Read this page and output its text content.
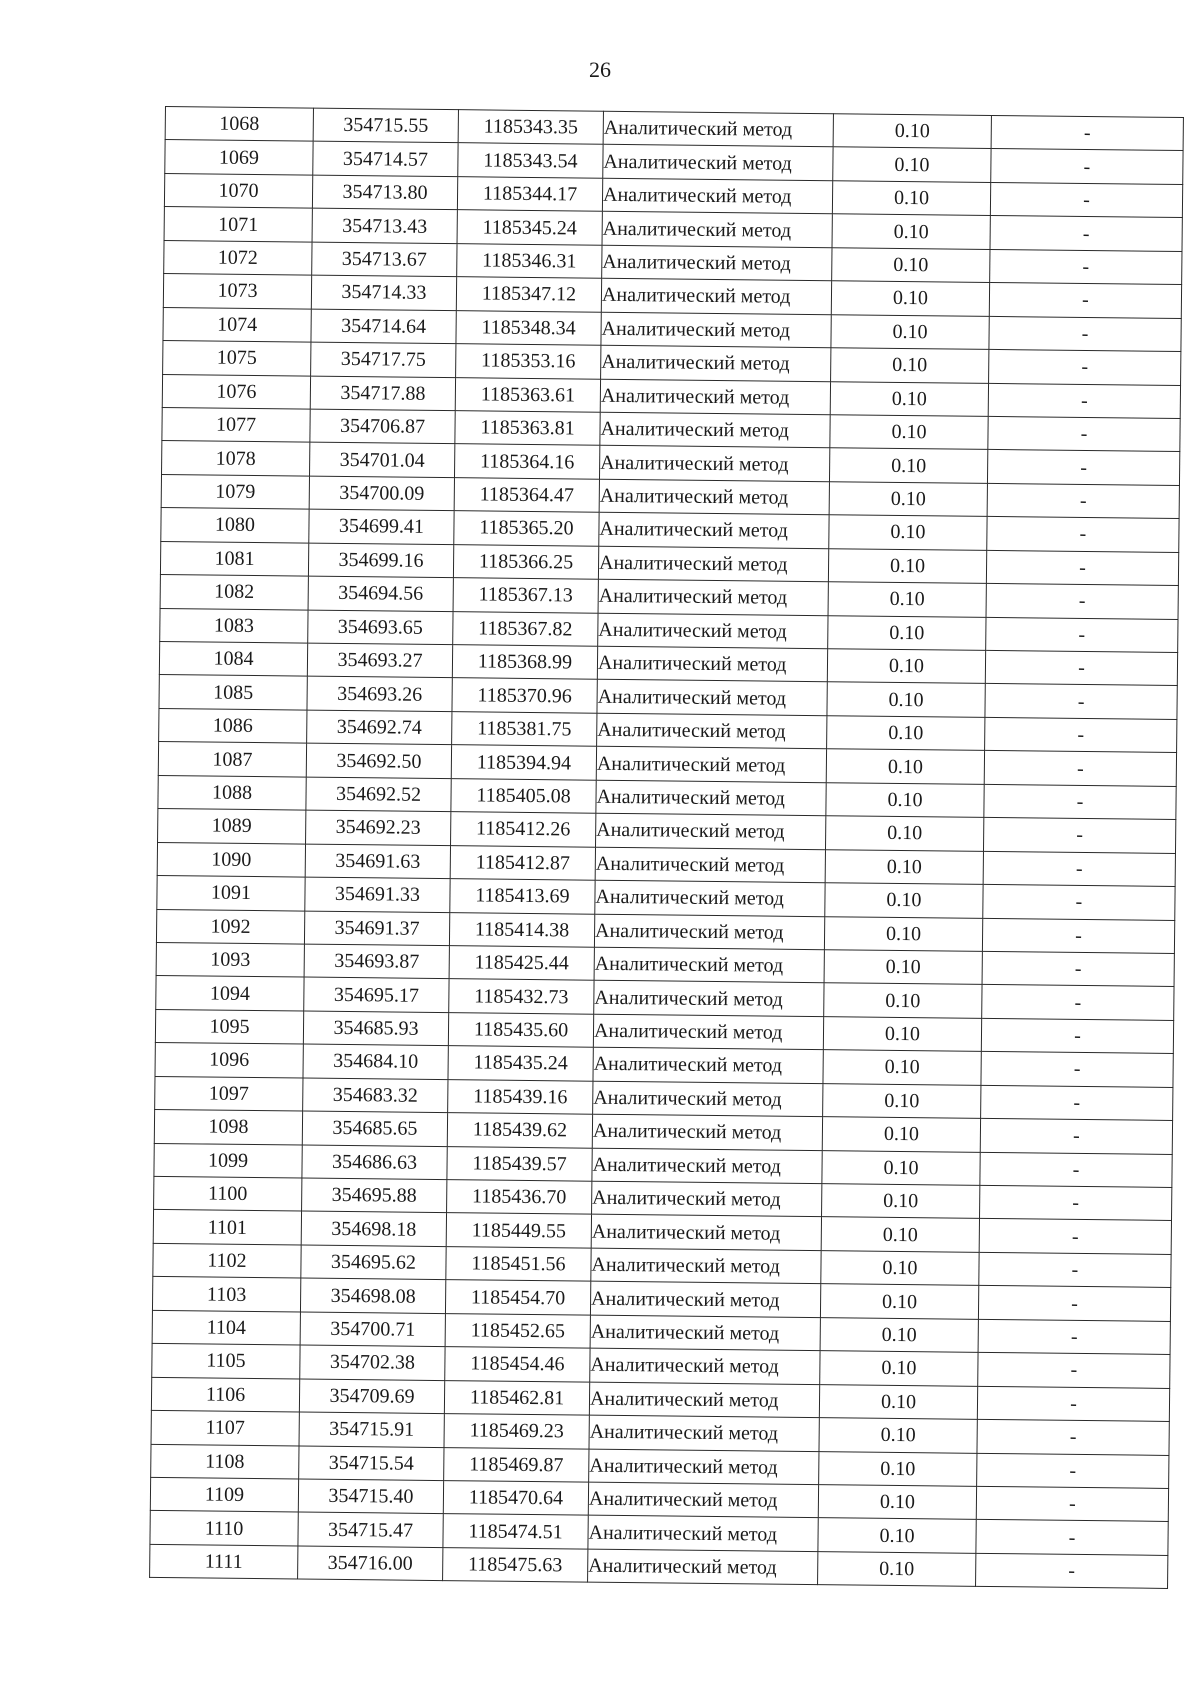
26
1068	354715.55	1185343.35	Аналитический метод	0.10	-
1069	354714.57	1185343.54	Аналитический метод	0.10	-
1070	354713.80	1185344.17	Аналитический метод	0.10	-
1071	354713.43	1185345.24	Аналитический метод	0.10	-
1072	354713.67	1185346.31	Аналитический метод	0.10	-
1073	354714.33	1185347.12	Аналитический метод	0.10	-
1074	354714.64	1185348.34	Аналитический метод	0.10	-
1075	354717.75	1185353.16	Аналитический метод	0.10	-
1076	354717.88	1185363.61	Аналитический метод	0.10	-
1077	354706.87	1185363.81	Аналитический метод	0.10	-
1078	354701.04	1185364.16	Аналитический метод	0.10	-
1079	354700.09	1185364.47	Аналитический метод	0.10	-
1080	354699.41	1185365.20	Аналитический метод	0.10	-
1081	354699.16	1185366.25	Аналитический метод	0.10	-
1082	354694.56	1185367.13	Аналитический метод	0.10	-
1083	354693.65	1185367.82	Аналитический метод	0.10	-
1084	354693.27	1185368.99	Аналитический метод	0.10	-
1085	354693.26	1185370.96	Аналитический метод	0.10	-
1086	354692.74	1185381.75	Аналитический метод	0.10	-
1087	354692.50	1185394.94	Аналитический метод	0.10	-
1088	354692.52	1185405.08	Аналитический метод	0.10	-
1089	354692.23	1185412.26	Аналитический метод	0.10	-
1090	354691.63	1185412.87	Аналитический метод	0.10	-
1091	354691.33	1185413.69	Аналитический метод	0.10	-
1092	354691.37	1185414.38	Аналитический метод	0.10	-
1093	354693.87	1185425.44	Аналитический метод	0.10	-
1094	354695.17	1185432.73	Аналитический метод	0.10	-
1095	354685.93	1185435.60	Аналитический метод	0.10	-
1096	354684.10	1185435.24	Аналитический метод	0.10	-
1097	354683.32	1185439.16	Аналитический метод	0.10	-
1098	354685.65	1185439.62	Аналитический метод	0.10	-
1099	354686.63	1185439.57	Аналитический метод	0.10	-
1100	354695.88	1185436.70	Аналитический метод	0.10	-
1101	354698.18	1185449.55	Аналитический метод	0.10	-
1102	354695.62	1185451.56	Аналитический метод	0.10	-
1103	354698.08	1185454.70	Аналитический метод	0.10	-
1104	354700.71	1185452.65	Аналитический метод	0.10	-
1105	354702.38	1185454.46	Аналитический метод	0.10	-
1106	354709.69	1185462.81	Аналитический метод	0.10	-
1107	354715.91	1185469.23	Аналитический метод	0.10	-
1108	354715.54	1185469.87	Аналитический метод	0.10	-
1109	354715.40	1185470.64	Аналитический метод	0.10	-
1110	354715.47	1185474.51	Аналитический метод	0.10	-
1111	354716.00	1185475.63	Аналитический метод	0.10	-
